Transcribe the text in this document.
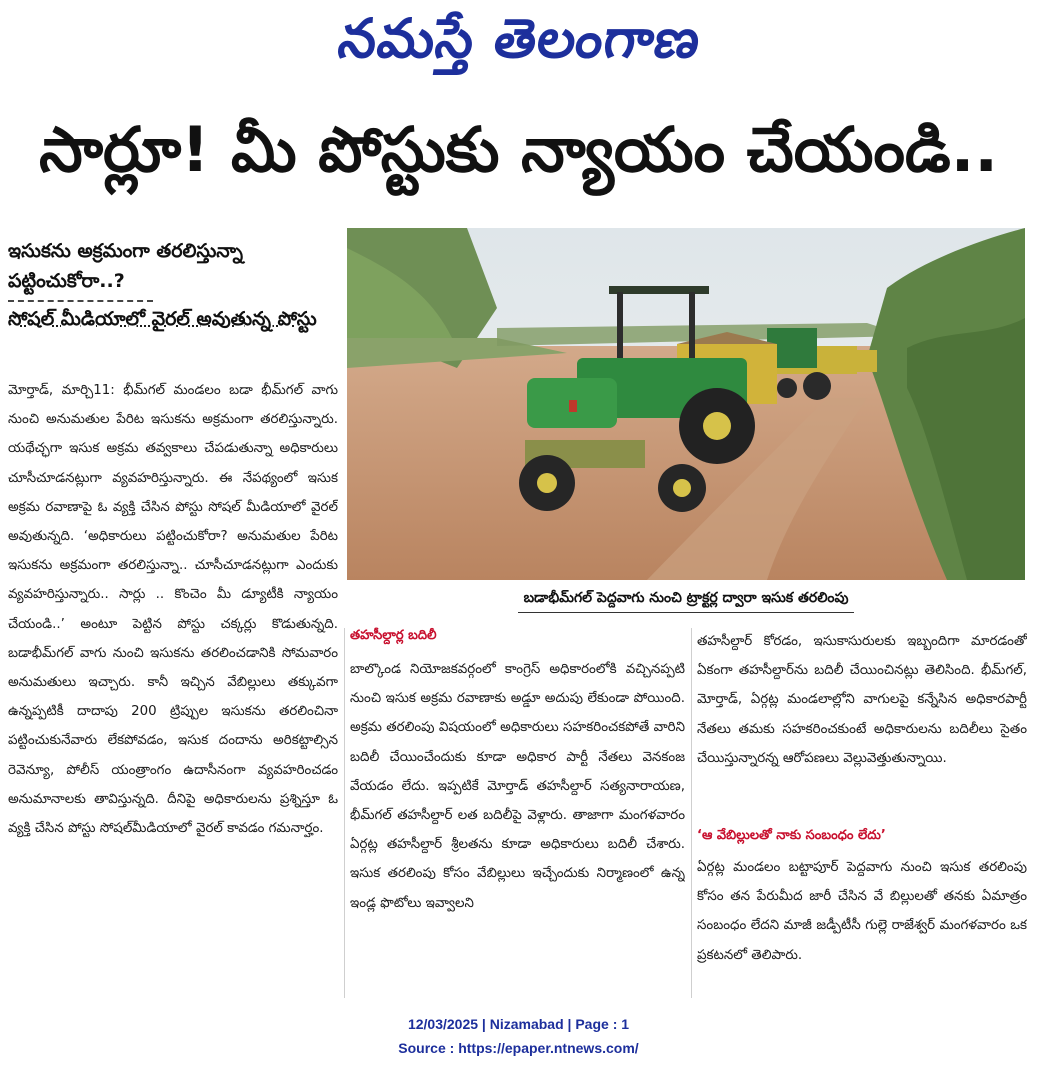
నమస్తే తెలంగాణ
సార్లూ! మీ పోస్టుకు న్యాయం చేయండి..
ఇసుకను అక్రమంగా తరలిస్తున్నా పట్టించుకోరా..?
సోషల్ మీడియాలో వైరల్ అవుతున్న పోస్టు
మోర్తాడ్, మార్చి11: భీమ్‌గల్ మండలం బడా భీమ్‌గల్ వాగు నుంచి అనుమతుల పేరిట ఇసుకను అక్రమంగా తరలిస్తున్నారు. యథేచ్ఛగా ఇసుక అక్రమ తవ్వకాలు చేపడుతున్నా అధికారులు చూసీచూడనట్లుగా వ్యవహరిస్తున్నారు. ఈ నేపథ్యంలో ఇసుక అక్రమ రవాణాపై ఓ వ్యక్తి చేసిన పోస్టు సోషల్ మీడియాలో వైరల్ అవుతున్నది. ‘అధికారులు పట్టించుకోరా? అనుమతుల పేరిట ఇసుకను అక్రమంగా తరలిస్తున్నా.. చూసీచూడనట్లుగా ఎందుకు వ్యవహరిస్తున్నారు.. సార్లు .. కొంచెం మీ డ్యూటీకి న్యాయం చేయండి..’ అంటూ పెట్టిన పోస్టు చక్కర్లు కొడుతున్నది. బడాభీమ్‌గల్ వాగు నుంచి ఇసుకను తరలించడానికి సోమవారం అనుమతులు ఇచ్చారు. కానీ ఇచ్చిన వేబిల్లులు తక్కువగా ఉన్నప్పటికీ దాదాపు 200 ట్రిప్పుల ఇసుకను తరలించినా పట్టించుకునేవారు లేకపోవడం, ఇసుక దందాను అరికట్టాల్సిన రెవెన్యూ, పోలీస్ యంత్రాంగం ఉదాసీనంగా వ్యవహరించడం అనుమానాలకు తావిస్తున్నది. దీనిపై అధికారులను ప్రశ్నిస్తూ ఓ వ్యక్తి చేసిన పోస్టు సోషల్‌మీడియాలో వైరల్ కావడం గమనార్హం.
బడాభీమ్‌గల్ పెద్దవాగు నుంచి ట్రాక్టర్ల ద్వారా ఇసుక తరలింపు
తహసీల్దార్ల బదిలీ
బాల్కొండ నియోజకవర్గంలో కాంగ్రెస్ అధికారంలోకి వచ్చినప్పటి నుంచి ఇసుక అక్రమ రవాణాకు అడ్డూ అదుపు లేకుండా పోయింది. అక్రమ తరలింపు విషయంలో అధికారులు సహకరించకపోతే వారిని బదిలీ చేయించేందుకు కూడా అధికార పార్టీ నేతలు వెనకంజ వేయడం లేదు. ఇప్పటికే మోర్తాడ్ తహసీల్దార్ సత్యనారాయణ, భీమ్‌గల్ తహసీల్దార్ లత బదిలీపై వెళ్లారు. తాజాగా మంగళవారం ఏర్గట్ల తహసీల్దార్ శ్రీలతను కూడా అధికారులు బదిలీ చేశారు. ఇసుక తరలింపు కోసం వేబిల్లులు ఇచ్చేందుకు నిర్మాణంలో ఉన్న ఇండ్ల ఫొటోలు ఇవ్వాలని
తహసీల్దార్ కోరడం, ఇసుకాసురులకు ఇబ్బందిగా మారడంతో ఏకంగా తహసీల్దార్‌ను బదిలీ చేయించినట్లు తెలిసింది. భీమ్‌గల్, మోర్తాడ్, ఏర్గట్ల మండలాల్లోని వాగులపై కన్నేసిన అధికారపార్టీ నేతలు తమకు సహకరించకుంటే అధికారులను బదిలీలు సైతం చేయిస్తున్నారన్న ఆరోపణలు వెల్లువెత్తుతున్నాయి.
‘ఆ వేబిల్లులతో నాకు సంబంధం లేదు’
ఏర్గట్ల మండలం బట్టాపూర్ పెద్దవాగు నుంచి ఇసుక తరలింపు కోసం తన పేరుమీద జారీ చేసిన వే బిల్లులతో తనకు ఏమాత్రం సంబంధం లేదని మాజీ జడ్పీటీసీ గుల్లె రాజేశ్వర్ మంగళవారం ఒక ప్రకటనలో తెలిపారు.
12/03/2025 | Nizamabad | Page : 1
Source : https://epaper.ntnews.com/
